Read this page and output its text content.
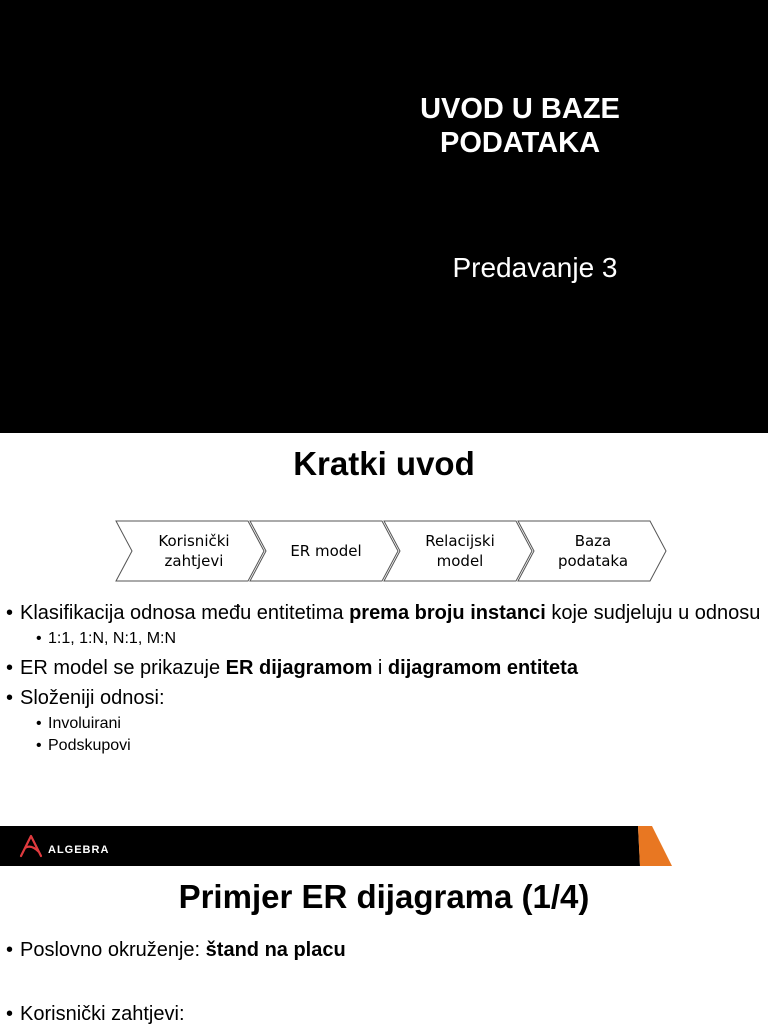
UVOD U BAZE
PODATAKA
Predavanje 3
Kratki uvod
Korisnički
zahtjevi
ER model
Relacijski
model
Baza
podataka
• Klasifikacija odnosa među entitetima prema broju instanci koje sudjeluju u odnosu
• 1:1, 1:N, N:1, M:N
• ER model se prikazuje ER dijagramom i dijagramom entiteta
• Složeniji odnosi:
• Involuirani
• Podskupovi
ALGEBRA
Primjer ER dijagrama (1/4)
• Poslovno okruženje: štand na placu
• Korisnički zahtjevi:
